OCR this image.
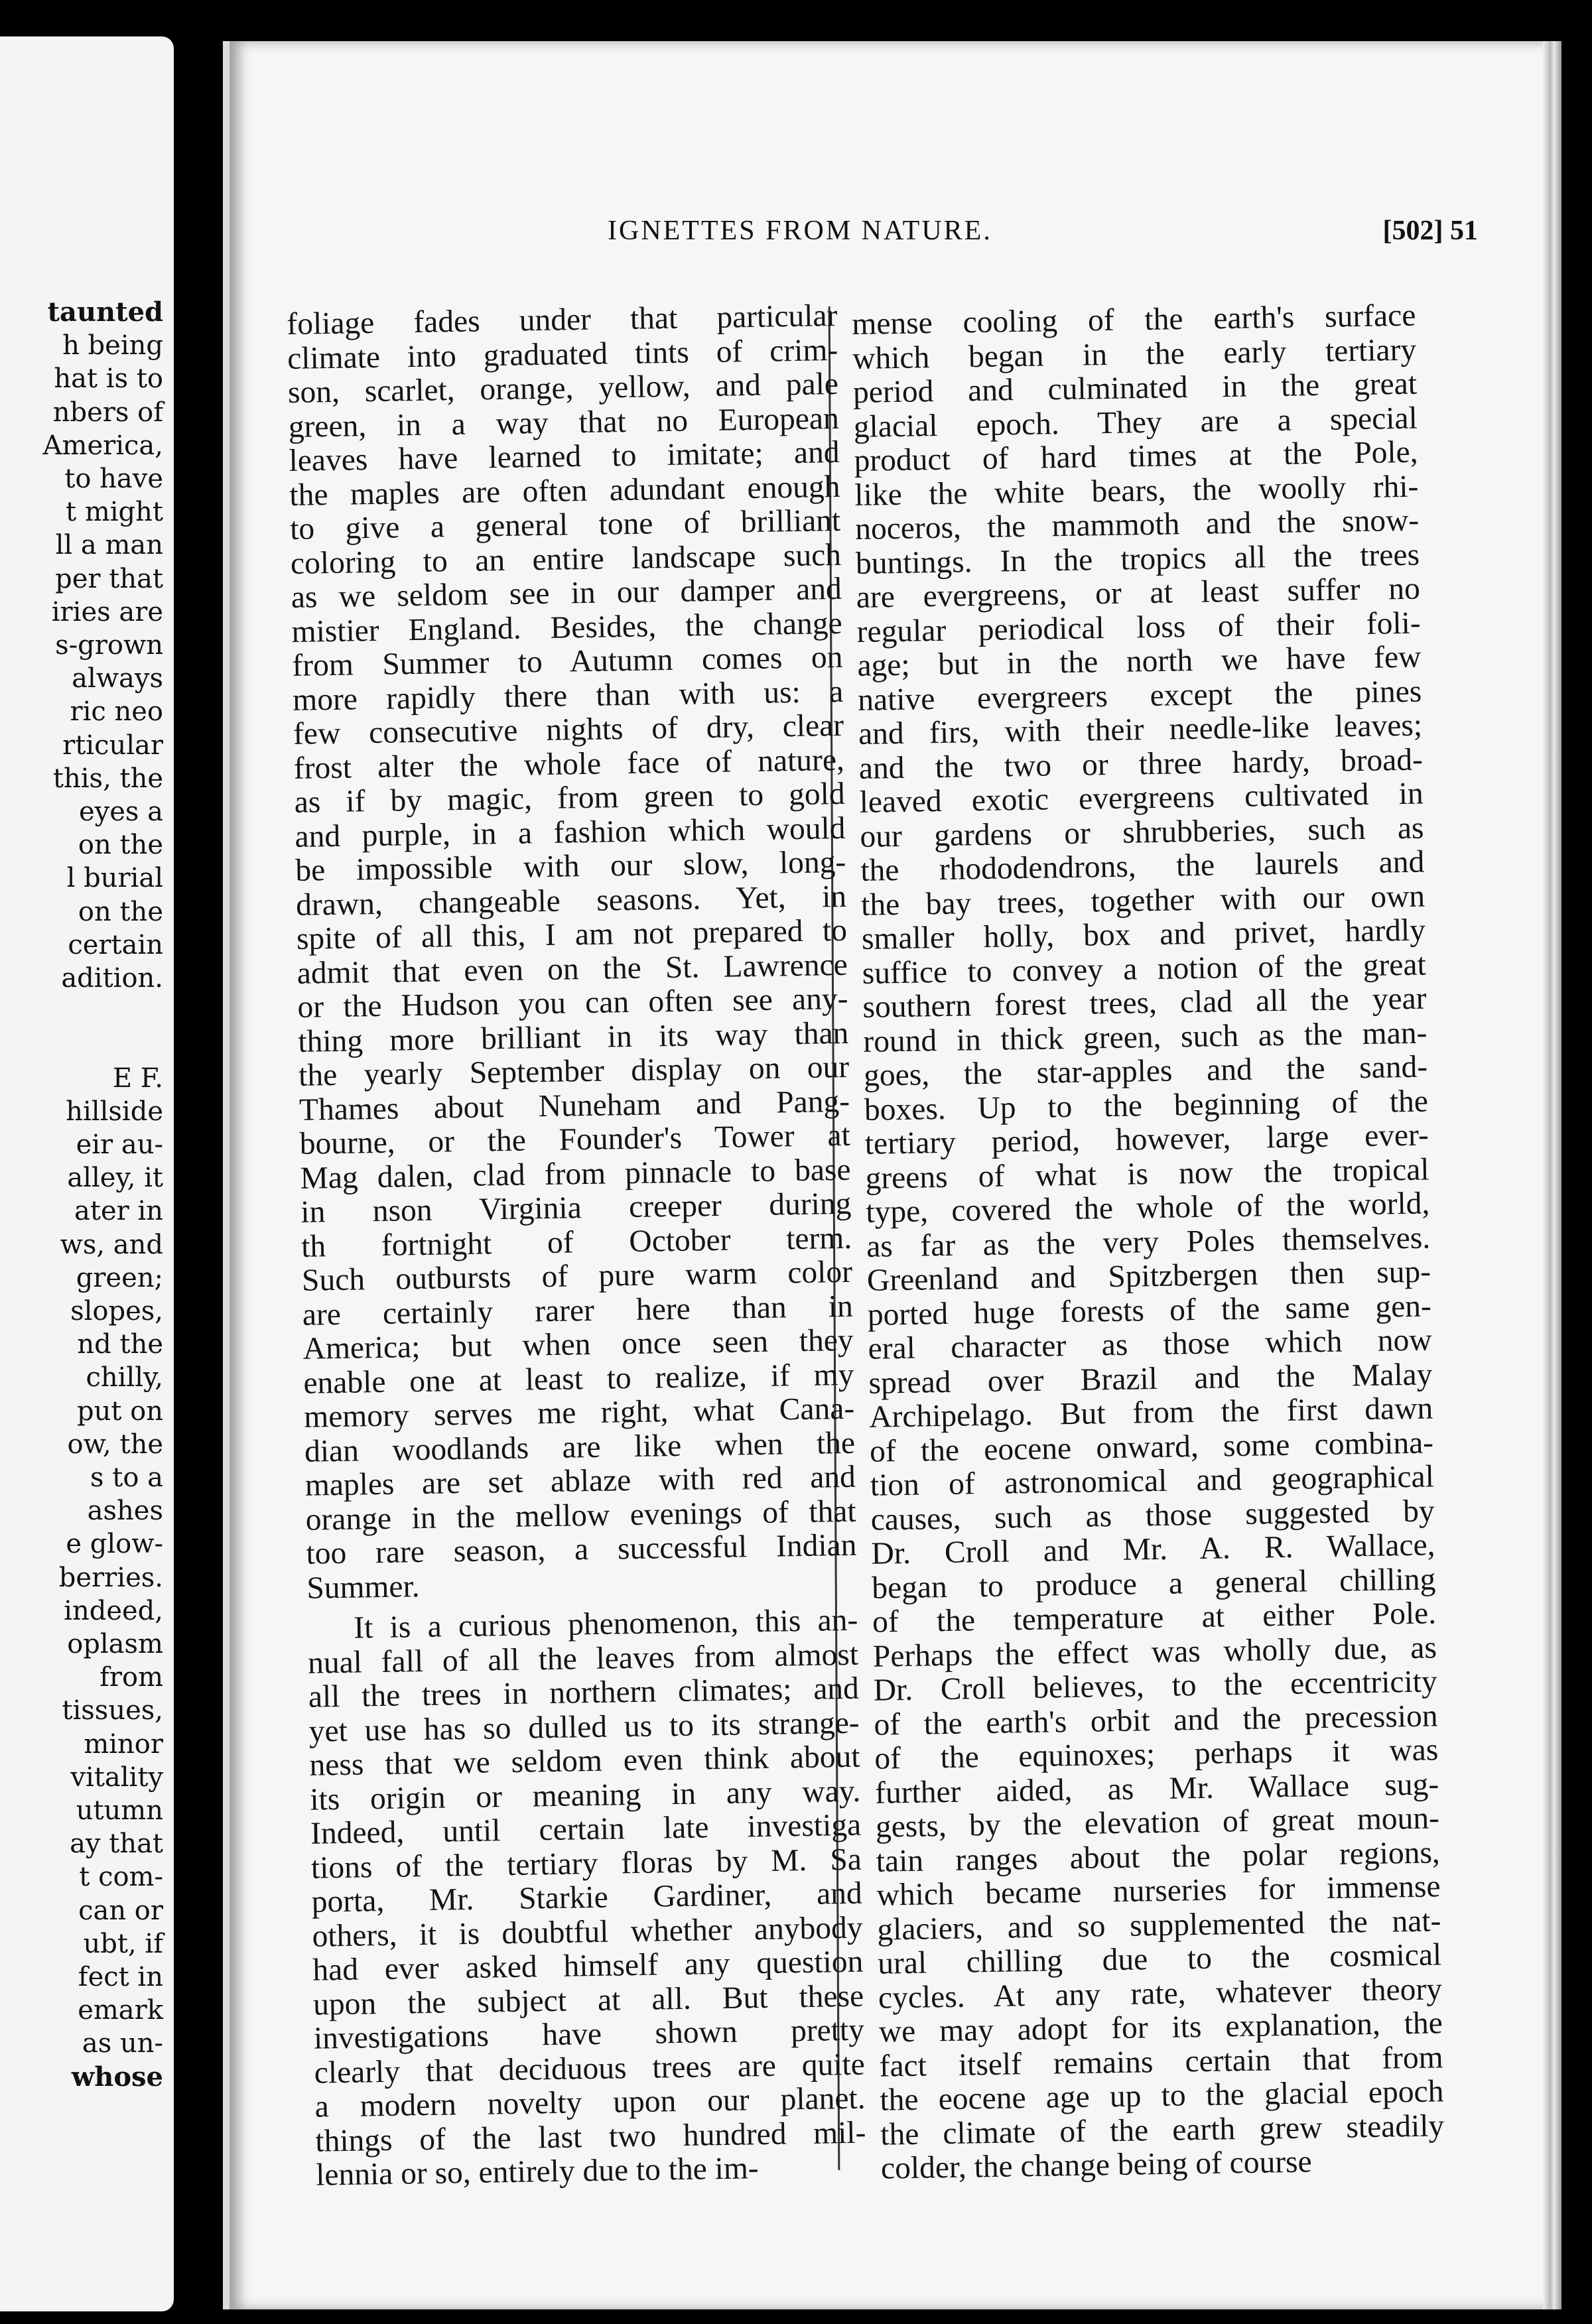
taunted
h being
hat is to
nbers of
America,
to have
t might
ll a man
per that
iries are
s-grown
always
ric neo
rticular
this, the
eyes a
on the
l burial
on the
certain
adition.
E F.
hillside
eir au-
alley, it
ater in
ws, and
green;
slopes,
nd the
chilly,
put on
ow, the
s to a
ashes
e glow-
berries.
indeed,
oplasm
from
tissues,
minor
vitality
utumn
ay that
t com-
can or
ubt, if
fect in
emark
as un-
whose
IGNETTES FROM NATURE.	[502] 51
foliage fades under that particular
climate into graduated tints of crim-
son, scarlet, orange, yellow, and pale
green, in a way that no European
leaves have learned to imitate; and
the maples are often adundant enough
to give a general tone of brilliant
coloring to an entire landscape such
as we seldom see in our damper and
mistier England. Besides, the change
from Summer to Autumn comes on
more rapidly there than with us: a
few consecutive nights of dry, clear
frost alter the whole face of nature,
as if by magic, from green to gold
and purple, in a fashion which would
be impossible with our slow, long-
drawn, changeable seasons. Yet, in
spite of all this, I am not prepared to
admit that even on the St. Lawrence
or the Hudson you can often see any-
thing more brilliant in its way than
the yearly September display on our
Thames about Nuneham and Pang-
bourne, or the Founder's Tower at
Mag dalen, clad from pinnacle to base
in nson Virginia creeper during
th fortnight of October term.
Such outbursts of pure warm color
are certainly rarer here than in
America; but when once seen they
enable one at least to realize, if my
memory serves me right, what Cana-
dian woodlands are like when the
maples are set ablaze with red and
orange in the mellow evenings of that
too rare season, a successful Indian
Summer.
It is a curious phenomenon, this an-
nual fall of all the leaves from almost
all the trees in northern climates; and
yet use has so dulled us to its strange-
ness that we seldom even think about
its origin or meaning in any way.
Indeed, until certain late investiga
tions of the tertiary floras by M. Sa
porta, Mr. Starkie Gardiner, and
others, it is doubtful whether anybody
had ever asked himself any question
upon the subject at all. But these
investigations have shown pretty
clearly that deciduous trees are quite
a modern novelty upon our planet.
things of the last two hundred mil-
lennia or so, entirely due to the im-
mense cooling of the earth's surface
which began in the early tertiary
period and culminated in the great
glacial epoch. They are a special
product of hard times at the Pole,
like the white bears, the woolly rhi-
noceros, the mammoth and the snow-
buntings. In the tropics all the trees
are evergreens, or at least suffer no
regular periodical loss of their foli-
age; but in the north we have few
native evergreers except the pines
and firs, with their needle-like leaves;
and the two or three hardy, broad-
leaved exotic evergreens cultivated in
our gardens or shrubberies, such as
the rhododendrons, the laurels and
the bay trees, together with our own
smaller holly, box and privet, hardly
suffice to convey a notion of the great
southern forest trees, clad all the year
round in thick green, such as the man-
goes, the star-apples and the sand-
boxes. Up to the beginning of the
tertiary period, however, large ever-
greens of what is now the tropical
type, covered the whole of the world,
as far as the very Poles themselves.
Greenland and Spitzbergen then sup-
ported huge forests of the same gen-
eral character as those which now
spread over Brazil and the Malay
Archipelago. But from the first dawn
of the eocene onward, some combina-
tion of astronomical and geographical
causes, such as those suggested by
Dr. Croll and Mr. A. R. Wallace,
began to produce a general chilling
of the temperature at either Pole.
Perhaps the effect was wholly due, as
Dr. Croll believes, to the eccentricity
of the earth's orbit and the precession
of the equinoxes; perhaps it was
further aided, as Mr. Wallace sug-
gests, by the elevation of great moun-
tain ranges about the polar regions,
which became nurseries for immense
glaciers, and so supplemented the nat-
ural chilling due to the cosmical
cycles. At any rate, whatever theory
we may adopt for its explanation, the
fact itself remains certain that from
the eocene age up to the glacial epoch
the climate of the earth grew steadily
colder, the change being of course
